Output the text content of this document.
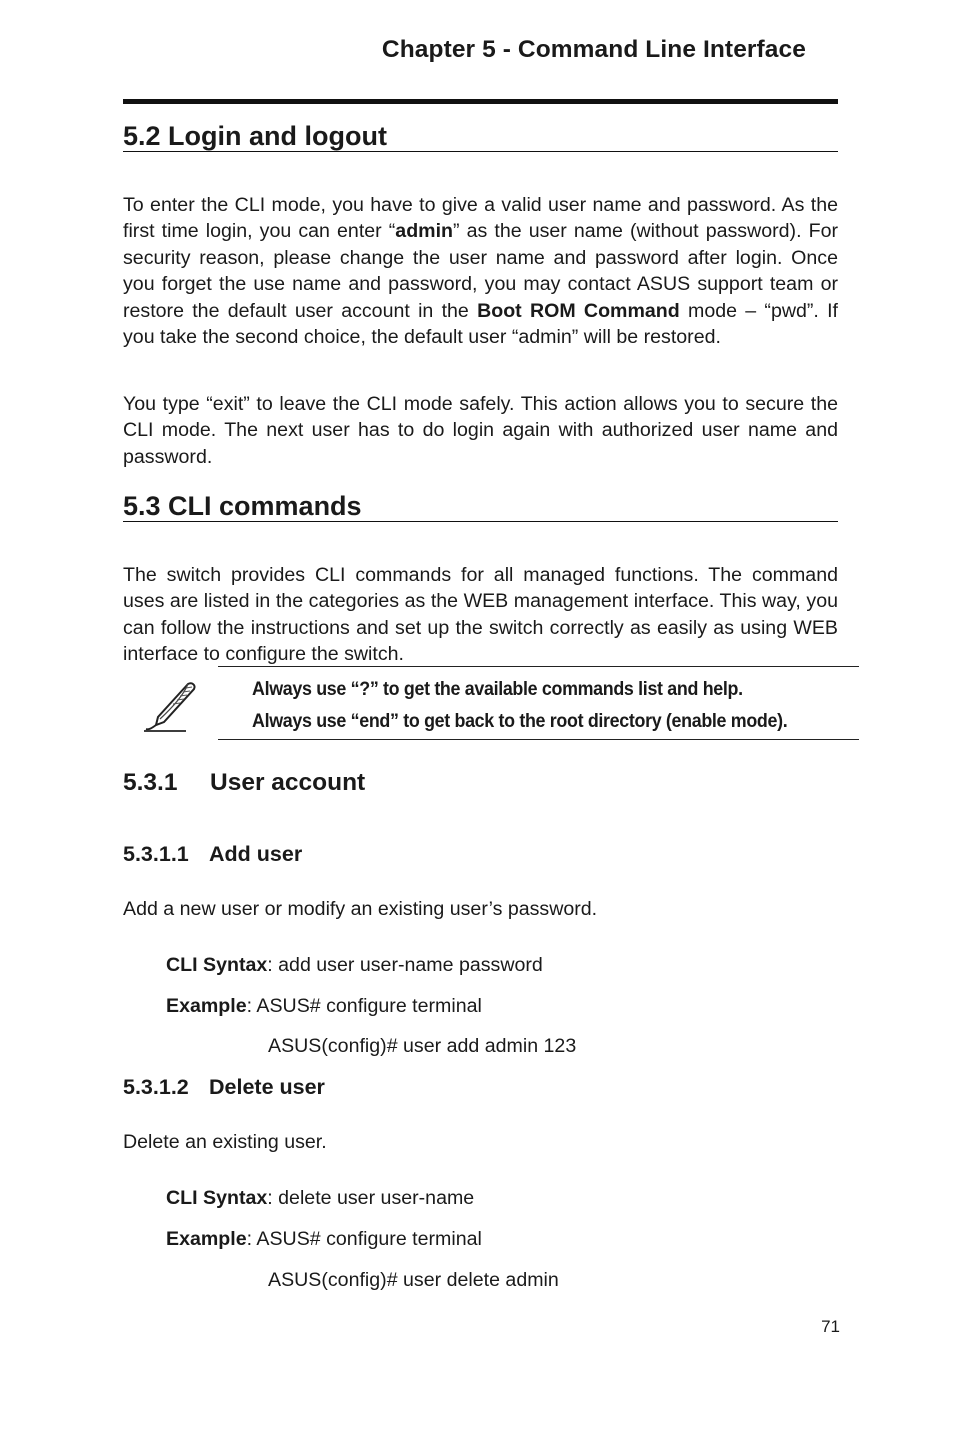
Chapter 5 - Command Line Interface
5.2 Login and logout

To enter the CLI mode, you have to give a valid user name and password. As the first time login, you can enter “admin” as the user name (without password). For security reason, please change the user name and password after login. Once you forget the use name and password, you may contact ASUS support team or restore the default user account in the Boot ROM Command mode – “pwd”. If you take the second choice, the default user “admin” will be restored.

You type “exit” to leave the CLI mode safely. This action allows you to secure the CLI mode. The next user has to do login again with authorized user name and password.

5.3 CLI commands

The switch provides CLI commands for all managed functions. The command uses are listed in the categories as the WEB management interface. This way, you can follow the instructions and set up the switch correctly as easily as using WEB interface to configure the switch.

Always use “?” to get the available commands list and help.
Always use “end” to get back to the root directory (enable mode).
5.3.1 User account
5.3.1.1 Add user
Add a new user or modify an existing user’s password.
CLI Syntax: add user user-name password
Example: ASUS# configure terminal
ASUS(config)# user add admin 123
5.3.1.2 Delete user
Delete an existing user.
CLI Syntax: delete user user-name
Example: ASUS# configure terminal
ASUS(config)# user delete admin
71
